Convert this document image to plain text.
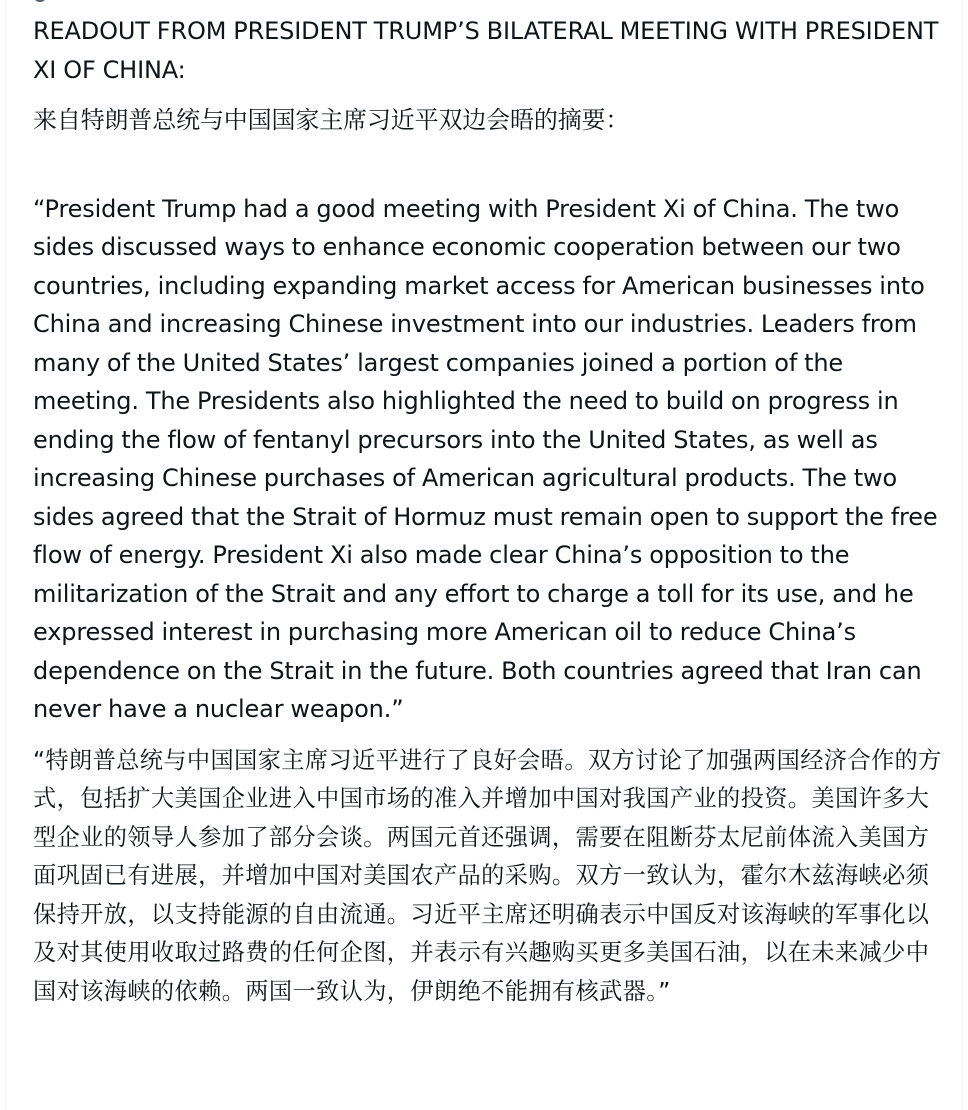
READOUT FROM PRESIDENT TRUMP’S BILATERAL MEETING WITH PRESIDENT XI OF CHINA:

来自特朗普总统与中国国家主席习近平双边会晤的摘要：

“President Trump had a good meeting with President Xi of China. The two sides discussed ways to enhance economic cooperation between our two countries, including expanding market access for American businesses into China and increasing Chinese investment into our industries. Leaders from many of the United States’ largest companies joined a portion of the meeting. The Presidents also highlighted the need to build on progress in ending the flow of fentanyl precursors into the United States, as well as increasing Chinese purchases of American agricultural products. The two sides agreed that the Strait of Hormuz must remain open to support the free flow of energy. President Xi also made clear China’s opposition to the militarization of the Strait and any effort to charge a toll for its use, and he expressed interest in purchasing more American oil to reduce China’s dependence on the Strait in the future. Both countries agreed that Iran can never have a nuclear weapon.”

“特朗普总统与中国国家主席习近平进行了良好会晤。双方讨论了加强两国经济合作的方式，包括扩大美国企业进入中国市场的准入并增加中国对我国产业的投资。美国许多大型企业的领导人参加了部分会谈。两国元首还强调，需要在阻断芬太尼前体流入美国方面巩固已有进展，并增加中国对美国农产品的采购。双方一致认为，霍尔木兹海峡必须保持开放，以支持能源的自由流通。习近平主席还明确表示中国反对该海峡的军事化以及对其使用收取过路费的任何企图，并表示有兴趣购买更多美国石油，以在未来减少中国对该海峡的依赖。两国一致认为，伊朗绝不能拥有核武器。”
